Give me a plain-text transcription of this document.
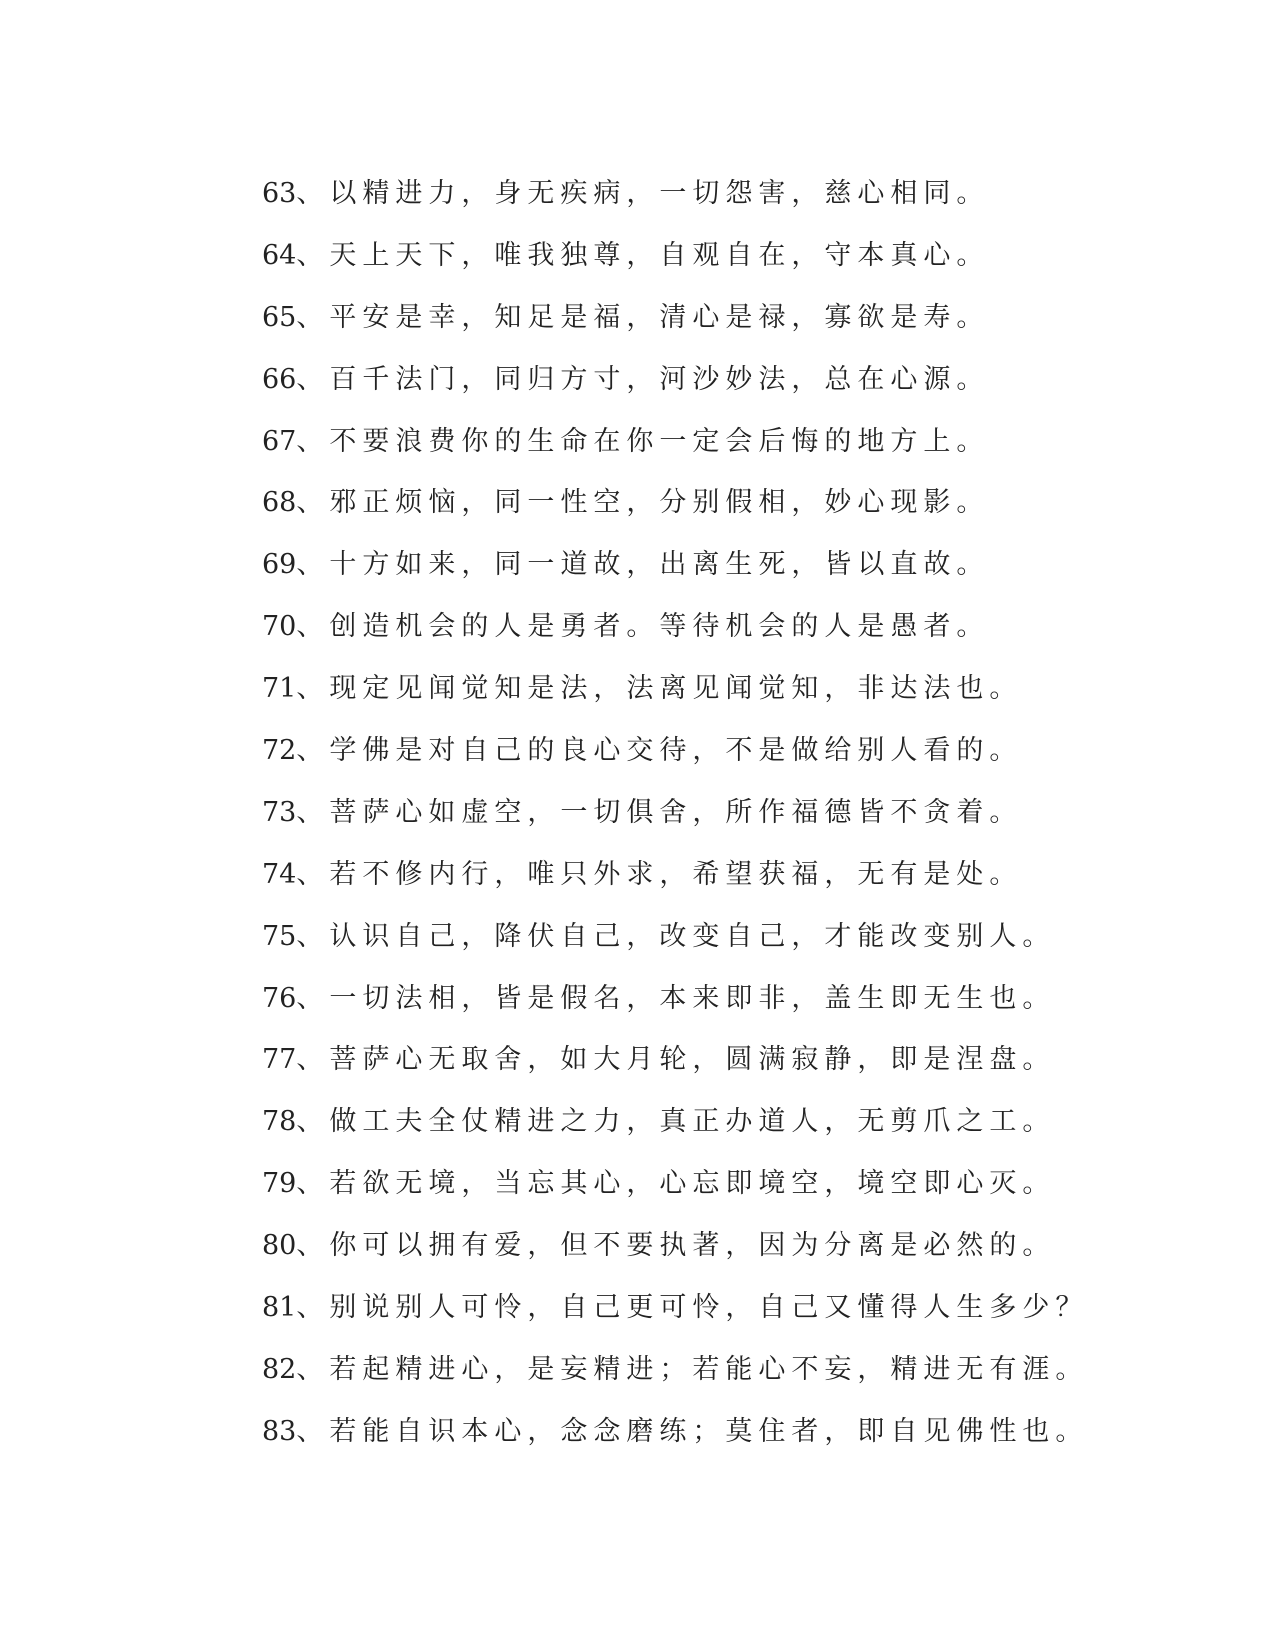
63、以精进力，身无疾病，一切怨害，慈心相同。
64、天上天下，唯我独尊，自观自在，守本真心。
65、平安是幸，知足是福，清心是禄，寡欲是寿。
66、百千法门，同归方寸，河沙妙法，总在心源。
67、不要浪费你的生命在你一定会后悔的地方上。
68、邪正烦恼，同一性空，分别假相，妙心现影。
69、十方如来，同一道故，出离生死，皆以直故。
70、创造机会的人是勇者。等待机会的人是愚者。
71、现定见闻觉知是法，法离见闻觉知，非达法也。
72、学佛是对自己的良心交待，不是做给别人看的。
73、菩萨心如虚空，一切俱舍，所作福德皆不贪着。
74、若不修内行，唯只外求，希望获福，无有是处。
75、认识自己，降伏自己，改变自己，才能改变别人。
76、一切法相，皆是假名，本来即非，盖生即无生也。
77、菩萨心无取舍，如大月轮，圆满寂静，即是涅盘。
78、做工夫全仗精进之力，真正办道人，无剪爪之工。
79、若欲无境，当忘其心，心忘即境空，境空即心灭。
80、你可以拥有爱，但不要执著，因为分离是必然的。
81、别说别人可怜，自己更可怜，自己又懂得人生多少？
82、若起精进心，是妄精进；若能心不妄，精进无有涯。
83、若能自识本心，念念磨练；莫住者，即自见佛性也。
